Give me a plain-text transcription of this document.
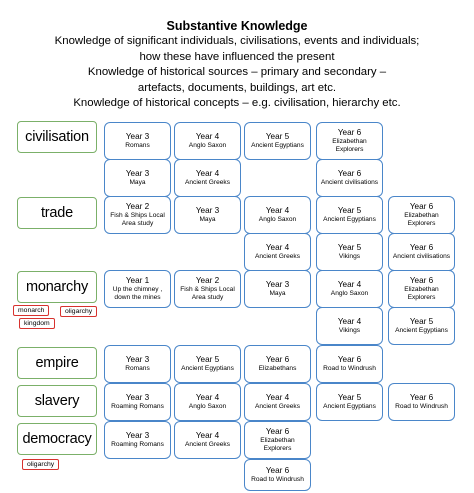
Substantive Knowledge
Knowledge of significant individuals, civilisations, events and individuals;
how these have influenced the present
Knowledge of historical sources – primary and secondary –
artefacts, documents, buildings, art etc.
Knowledge of historical concepts – e.g. civilisation, hierarchy etc.
civilisation
trade
monarchy
empire
slavery
democracy
monarch	oligarchy
kingdom
oligarchy
Year 3
Romans
Year 4
Anglo Saxon
Year 5
Ancient Egyptians
Year 6
Elizabethan Explorers
Year 3
Maya
Year 4
Ancient Greeks
Year 6
Ancient civilisations
Year 2
Fish & Ships Local Area study
Year 3
Maya
Year 4
Anglo Saxon
Year 5
Ancient Egyptians
Year 6
Elizabethan Explorers
Year 4
Ancient Greeks
Year 5
Vikings
Year 6
Ancient civilisations
Year 1
Up the chimney , down the mines
Year 2
Fish & Ships Local Area study
Year 3
Maya
Year 4
Anglo Saxon
Year 6
Elizabethan Explorers
Year 4
Vikings
Year 5
Ancient Egyptians
Year 3
Romans
Year 5
Ancient Egyptians
Year 6
Elizabethans
Year 6
Road to Windrush
Year 3
Roaming Romans
Year 4
Anglo Saxon
Year 4
Ancient Greeks
Year 5
Ancient Egyptians
Year 6
Road to Windrush
Year 3
Roaming Romans
Year 4
Ancient Greeks
Year 6
Elizabethan Explorers
Year 6
Road to Windrush
